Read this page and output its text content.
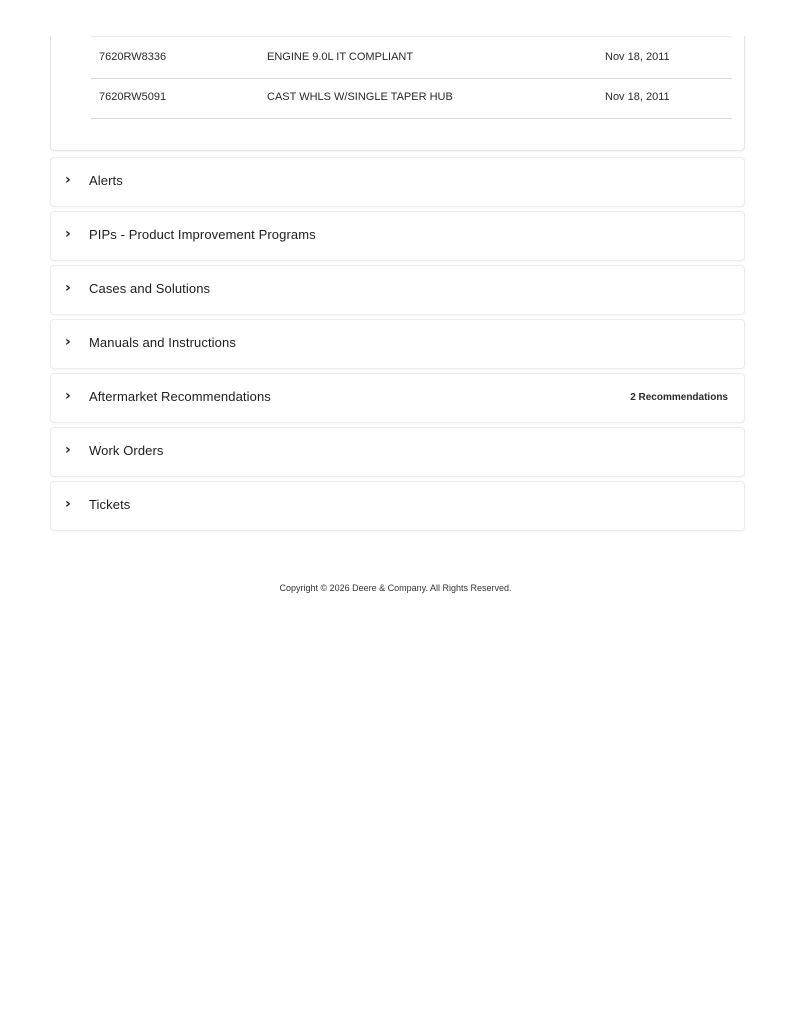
7620RW8336	ENGINE 9.0L IT COMPLIANT	Nov 18, 2011
7620RW5091	CAST WHLS W/SINGLE TAPER HUB	Nov 18, 2011
›	Alerts
›	PIPs - Product Improvement Programs
›	Cases and Solutions
›	Manuals and Instructions
›	Aftermarket Recommendations	2 Recommendations
›	Work Orders
›	Tickets
Copyright © 2026 Deere & Company. All Rights Reserved.
